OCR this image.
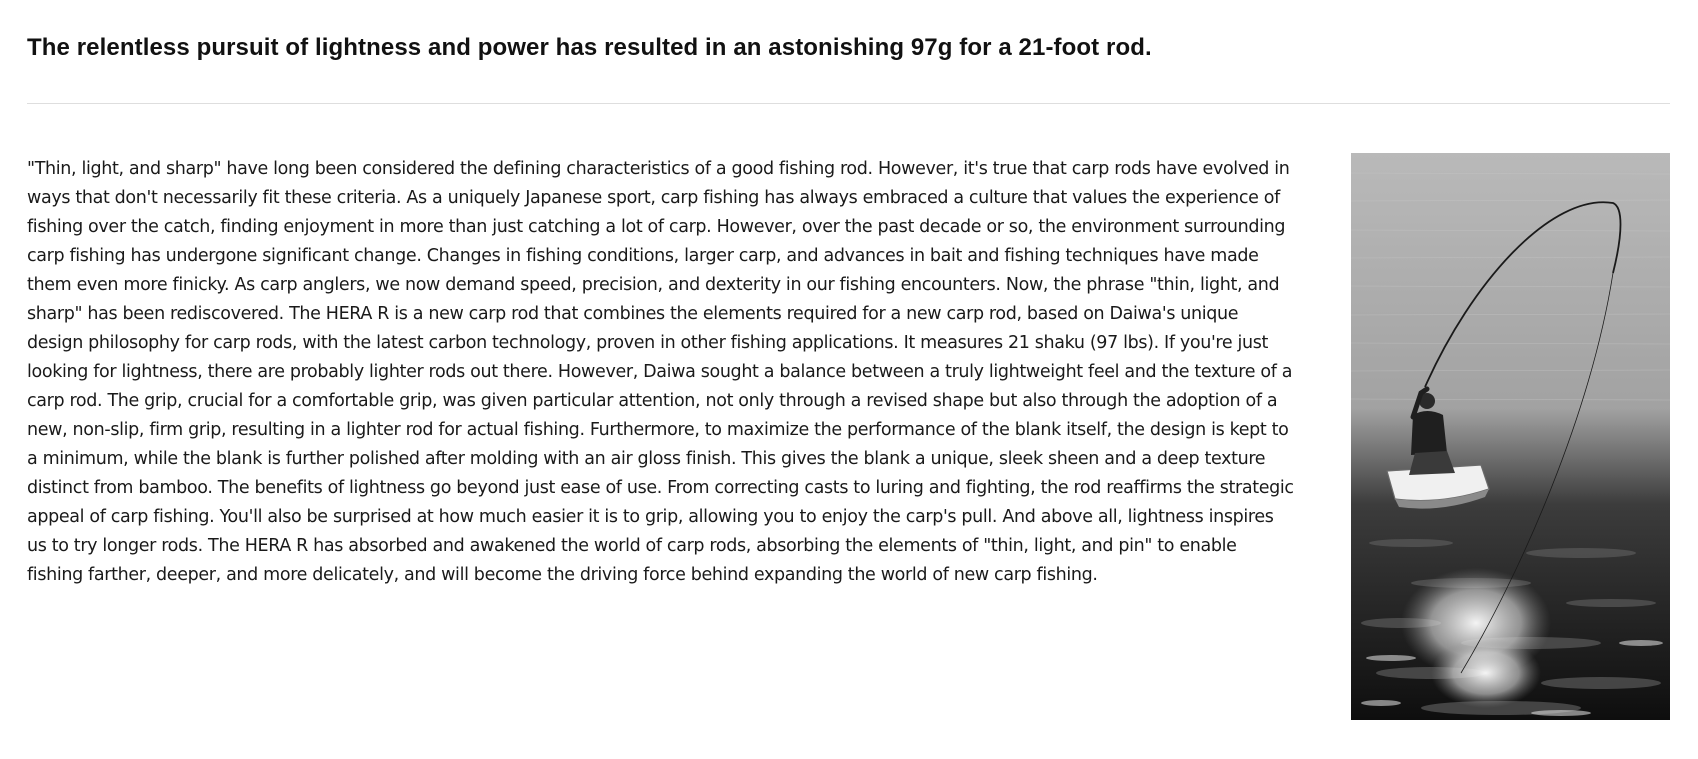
The relentless pursuit of lightness and power has resulted in an astonishing 97g for a 21-foot rod.

"Thin, light, and sharp" have long been considered the defining characteristics of a good fishing rod. However, it's true that carp rods have evolved in ways that don't necessarily fit these criteria. As a uniquely Japanese sport, carp fishing has always embraced a culture that values the experience of fishing over the catch, finding enjoyment in more than just catching a lot of carp. However, over the past decade or so, the environment surrounding carp fishing has undergone significant change. Changes in fishing conditions, larger carp, and advances in bait and fishing techniques have made them even more finicky. As carp anglers, we now demand speed, precision, and dexterity in our fishing encounters. Now, the phrase "thin, light, and sharp" has been rediscovered. The HERA R is a new carp rod that combines the elements required for a new carp rod, based on Daiwa's unique design philosophy for carp rods, with the latest carbon technology, proven in other fishing applications. It measures 21 shaku (97 lbs). If you're just looking for lightness, there are probably lighter rods out there. However, Daiwa sought a balance between a truly lightweight feel and the texture of a carp rod. The grip, crucial for a comfortable grip, was given particular attention, not only through a revised shape but also through the adoption of a new, non-slip, firm grip, resulting in a lighter rod for actual fishing. Furthermore, to maximize the performance of the blank itself, the design is kept to a minimum, while the blank is further polished after molding with an air gloss finish. This gives the blank a unique, sleek sheen and a deep texture distinct from bamboo. The benefits of lightness go beyond just ease of use. From correcting casts to luring and fighting, the rod reaffirms the strategic appeal of carp fishing. You'll also be surprised at how much easier it is to grip, allowing you to enjoy the carp's pull. And above all, lightness inspires us to try longer rods. The HERA R has absorbed and awakened the world of carp rods, absorbing the elements of "thin, light, and pin" to enable fishing farther, deeper, and more delicately, and will become the driving force behind expanding the world of new carp fishing.
